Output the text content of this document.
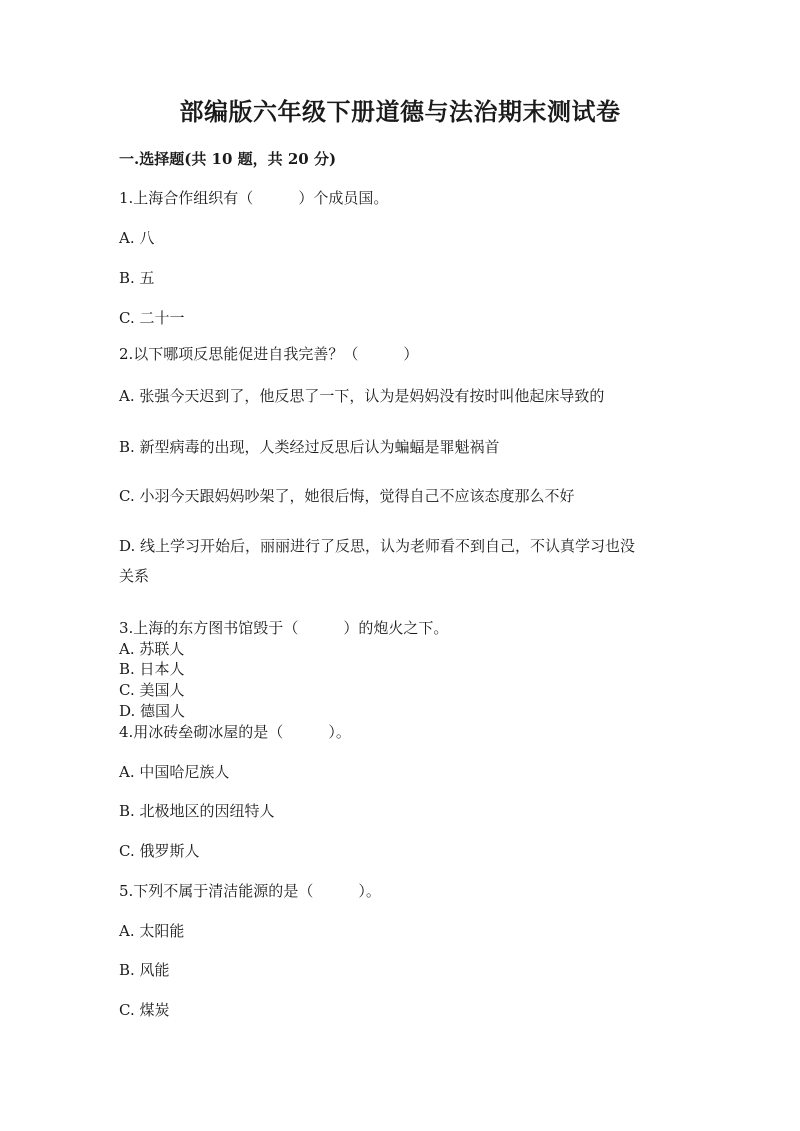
部编版六年级下册道德与法治期末测试卷
一.选择题(共 10 题，共 20 分)
1.上海合作组织有（　　　）个成员国。
A. 八
B. 五
C. 二十一
2.以下哪项反思能促进自我完善？（　　　）
A. 张强今天迟到了，他反思了一下，认为是妈妈没有按时叫他起床导致的
B. 新型病毒的出现，人类经过反思后认为蝙蝠是罪魁祸首
C. 小羽今天跟妈妈吵架了，她很后悔，觉得自己不应该态度那么不好
D. 线上学习开始后，丽丽进行了反思，认为老师看不到自己，不认真学习也没
关系
3.上海的东方图书馆毁于（　　　）的炮火之下。
A. 苏联人
B. 日本人
C. 美国人
D. 德国人
4.用冰砖垒砌冰屋的是（　　　）。
A. 中国哈尼族人
B. 北极地区的因纽特人
C. 俄罗斯人
5.下列不属于清洁能源的是（　　　）。
A. 太阳能
B. 风能
C. 煤炭
